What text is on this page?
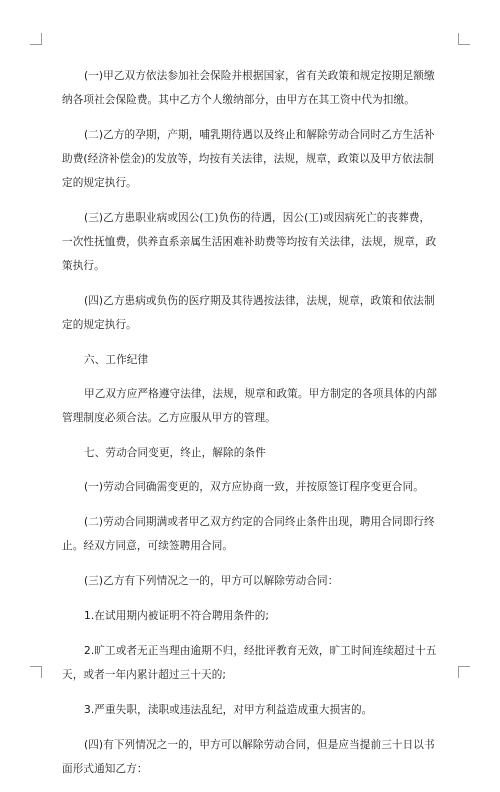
(一)甲乙双方依法参加社会保险并根据国家，省有关政策和规定按期足额缴纳各项社会保险费。其中乙方个人缴纳部分，由甲方在其工资中代为扣缴。

(二)乙方的孕期，产期，哺乳期待遇以及终止和解除劳动合同时乙方生活补助费(经济补偿金)的发放等，均按有关法律，法规，规章，政策以及甲方依法制定的规定执行。

(三)乙方患职业病或因公(工)负伤的待遇，因公(工)或因病死亡的丧葬费，一次性抚恤费，供养直系亲属生活困难补助费等均按有关法律，法规，规章，政策执行。

(四)乙方患病或负伤的医疗期及其待遇按法律，法规，规章，政策和依法制定的规定执行。

六、工作纪律

甲乙双方应严格遵守法律，法规，规章和政策。甲方制定的各项具体的内部管理制度必须合法。乙方应服从甲方的管理。

七、劳动合同变更，终止，解除的条件

(一)劳动合同确需变更的，双方应协商一致，并按原签订程序变更合同。

(二)劳动合同期满或者甲乙双方约定的合同终止条件出现，聘用合同即行终止。经双方同意，可续签聘用合同。

(三)乙方有下列情况之一的，甲方可以解除劳动合同：

1.在试用期内被证明不符合聘用条件的;

2.旷工或者无正当理由逾期不归，经批评教育无效，旷工时间连续超过十五天，或者一年内累计超过三十天的;

3.严重失职，渎职或违法乱纪，对甲方利益造成重大损害的。

(四)有下列情况之一的，甲方可以解除劳动合同，但是应当提前三十日以书面形式通知乙方：
